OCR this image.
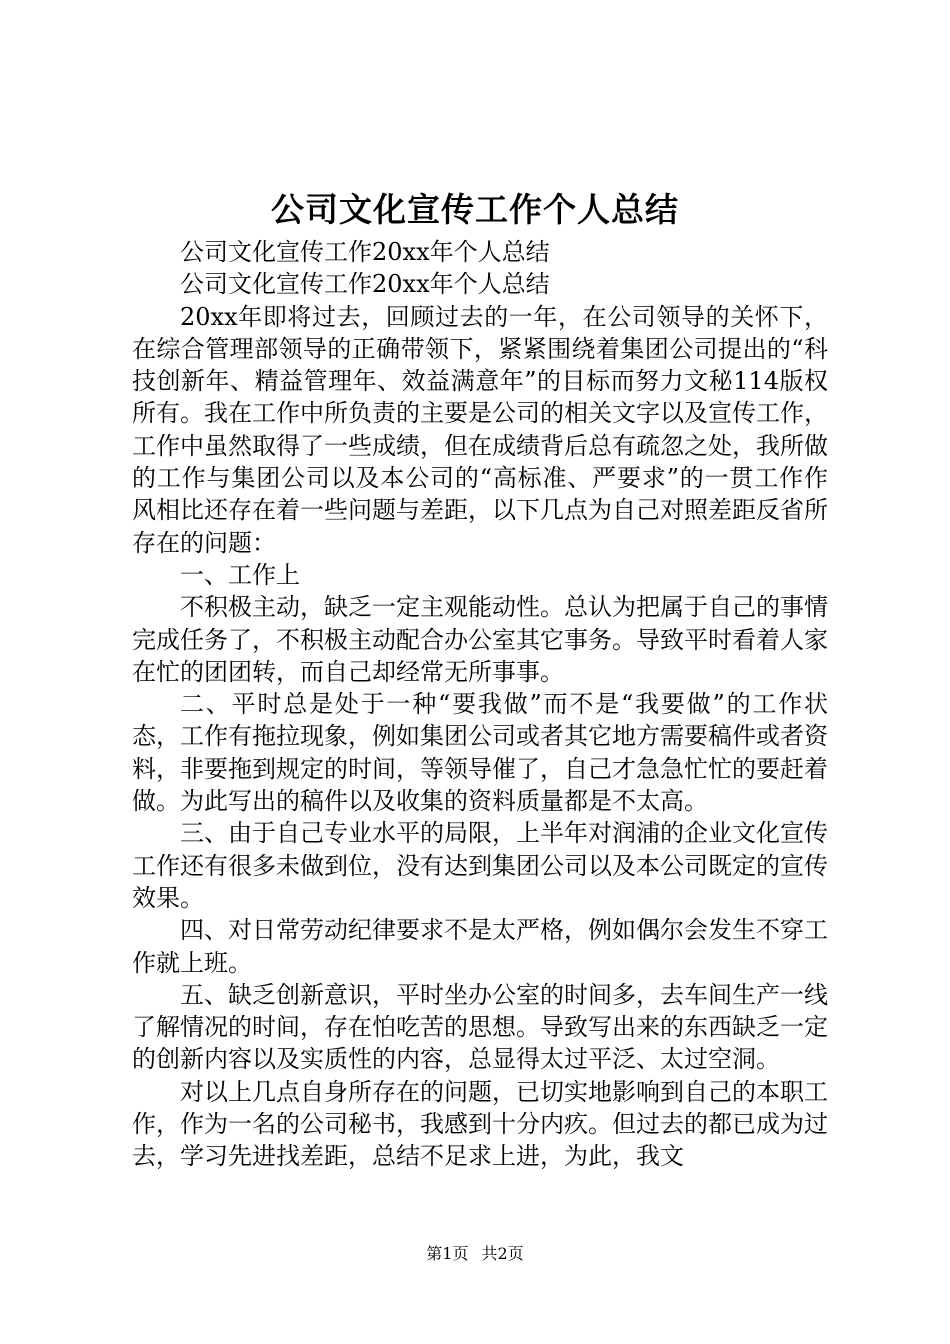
公司文化宣传工作个人总结

公司文化宣传工作20xx年个人总结

公司文化宣传工作20xx年个人总结

20xx年即将过去，回顾过去的一年，在公司领导的关怀下，在综合管理部领导的正确带领下，紧紧围绕着集团公司提出的“科技创新年、精益管理年、效益满意年”的目标而努力文秘114版权所有。我在工作中所负责的主要是公司的相关文字以及宣传工作，工作中虽然取得了一些成绩，但在成绩背后总有疏忽之处，我所做的工作与集团公司以及本公司的“高标准、严要求”的一贯工作作风相比还存在着一些问题与差距，以下几点为自己对照差距反省所存在的问题：

一、工作上

不积极主动，缺乏一定主观能动性。总认为把属于自己的事情完成任务了，不积极主动配合办公室其它事务。导致平时看着人家在忙的团团转，而自己却经常无所事事。

二、平时总是处于一种“要我做”而不是“我要做”的工作状态，工作有拖拉现象，例如集团公司或者其它地方需要稿件或者资料，非要拖到规定的时间，等领导催了，自己才急急忙忙的要赶着做。为此写出的稿件以及收集的资料质量都是不太高。

三、由于自己专业水平的局限，上半年对润浦的企业文化宣传工作还有很多未做到位，没有达到集团公司以及本公司既定的宣传效果。

四、对日常劳动纪律要求不是太严格，例如偶尔会发生不穿工作就上班。

五、缺乏创新意识，平时坐办公室的时间多，去车间生产一线了解情况的时间，存在怕吃苦的思想。导致写出来的东西缺乏一定的创新内容以及实质性的内容，总显得太过平泛、太过空洞。

对以上几点自身所存在的问题，已切实地影响到自己的本职工作，作为一名的公司秘书，我感到十分内疚。但过去的都已成为过去，学习先进找差距，总结不足求上进，为此，我文

第1页 共2页
